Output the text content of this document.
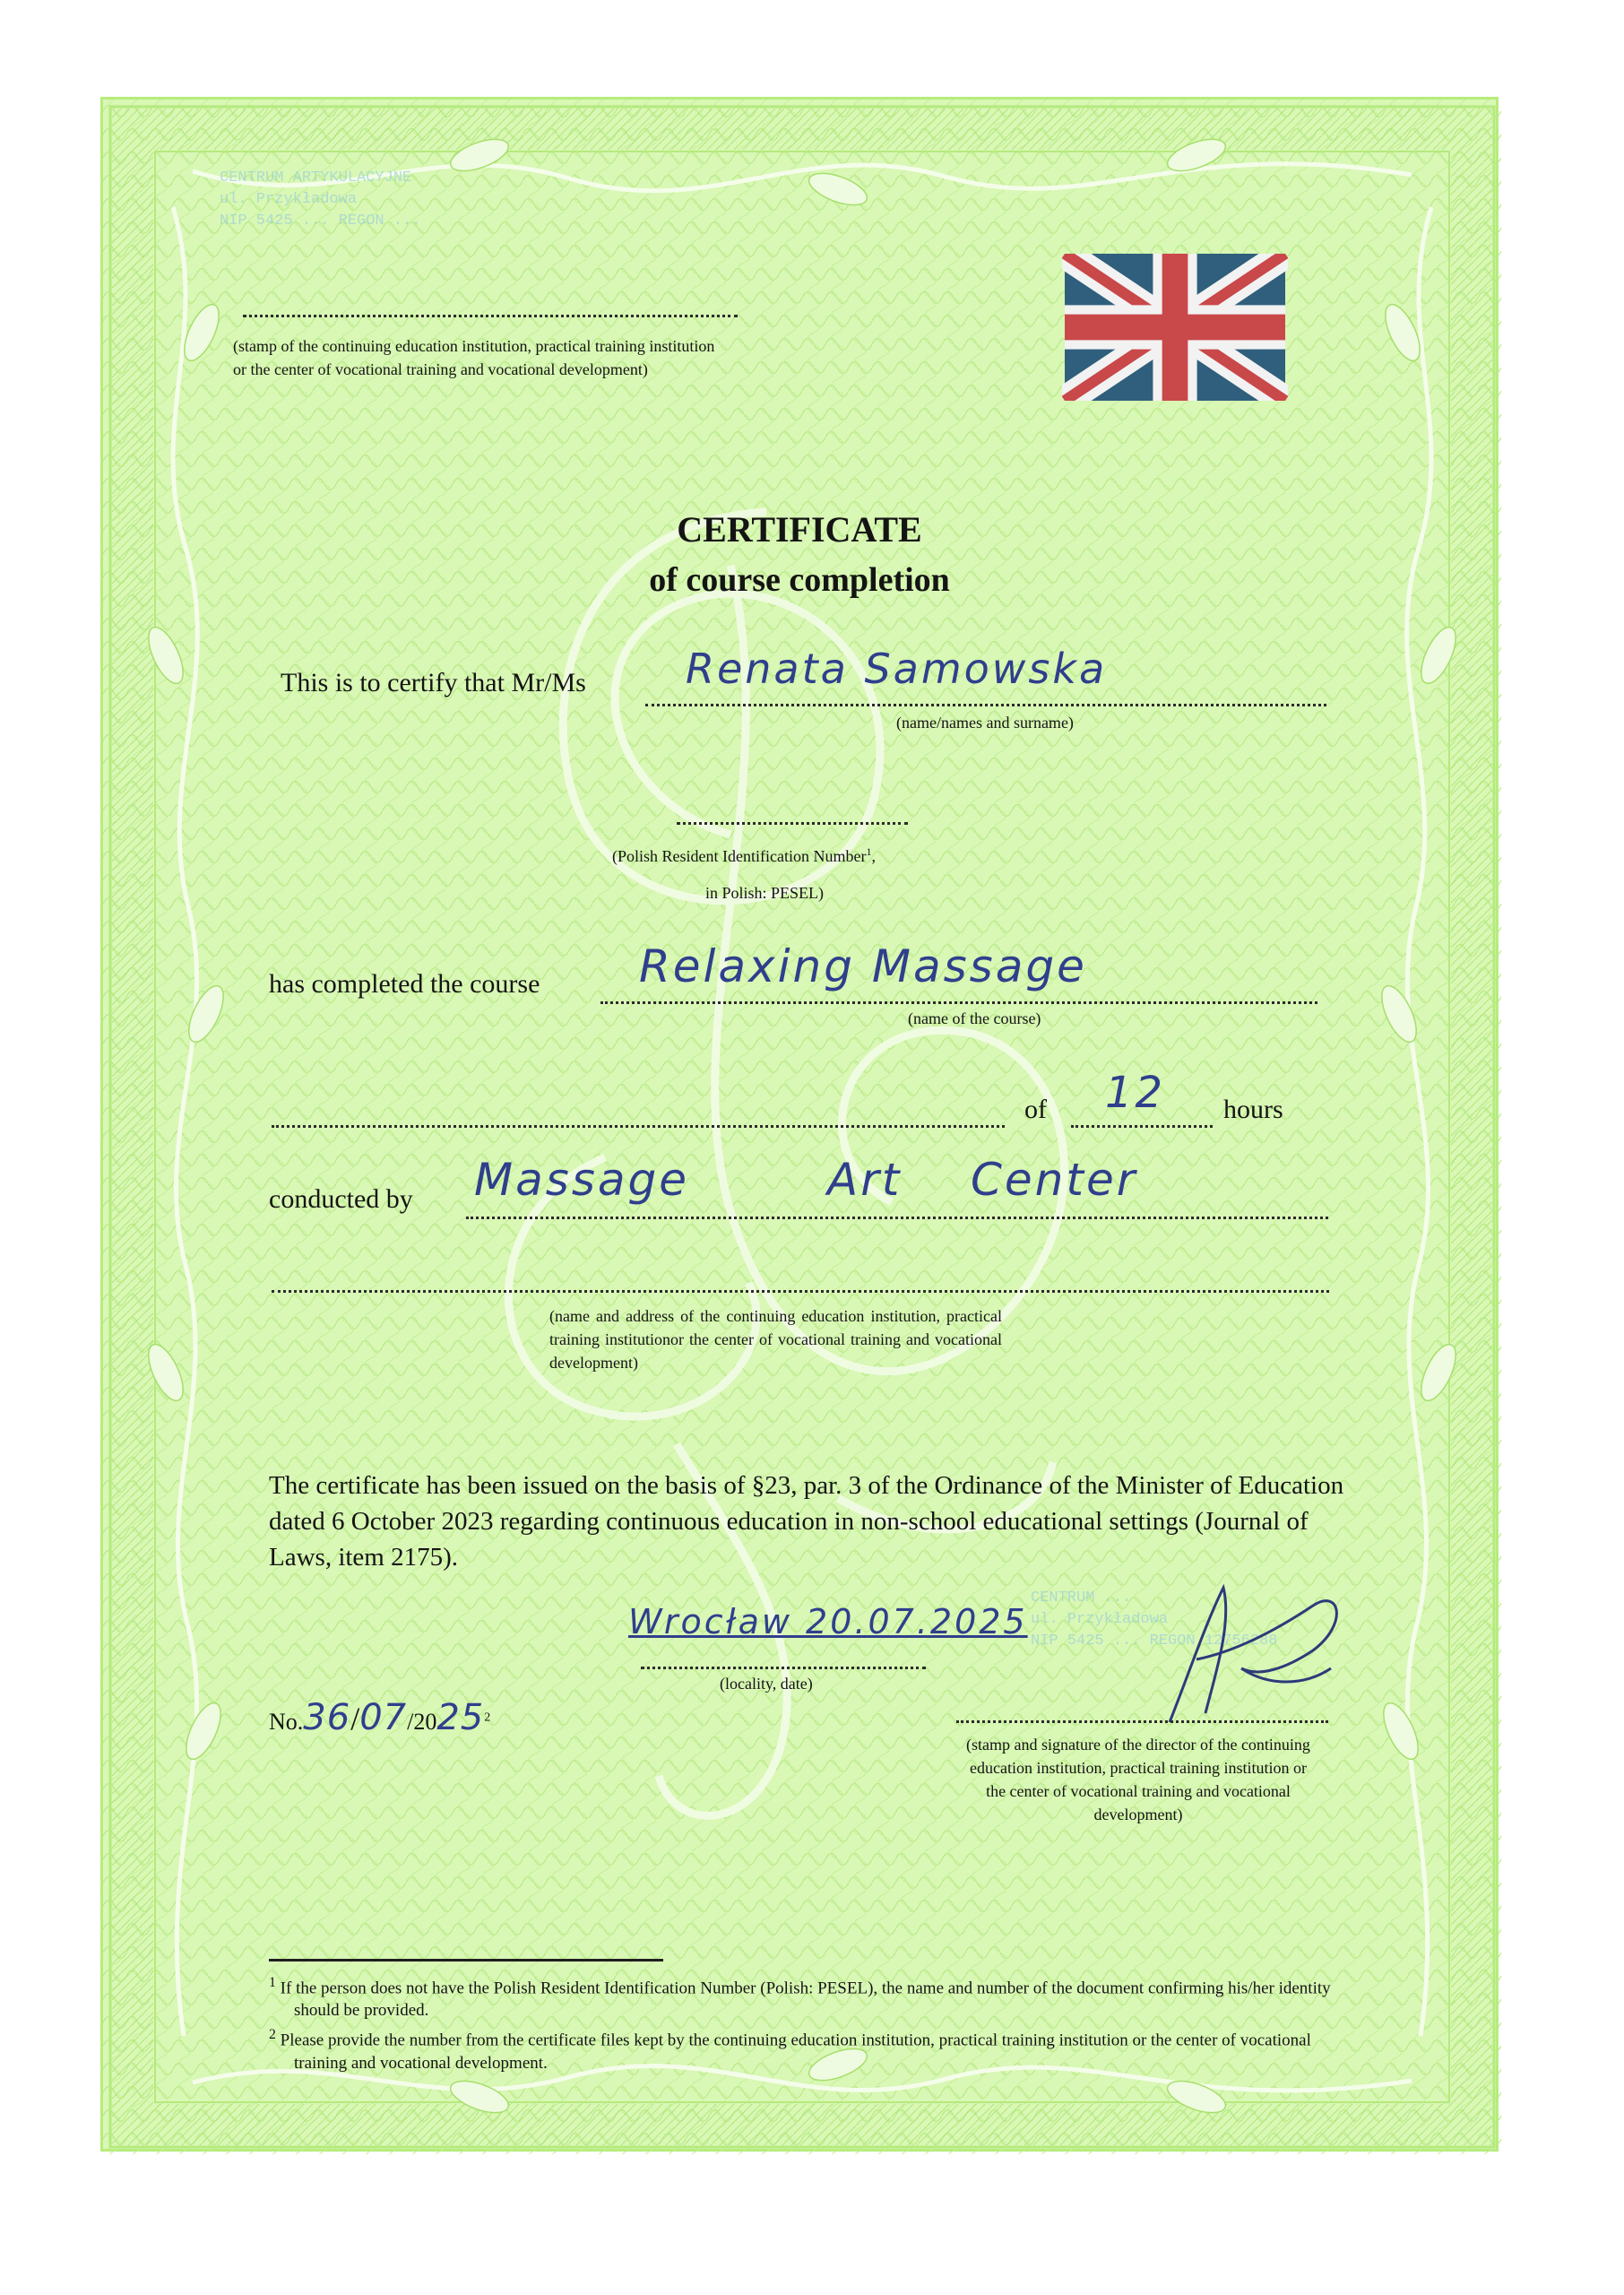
CENTRUM ARTYKULACYJNE
ul. Przykładowa
NIP 5425 ... REGON ...
(stamp of the continuing education institution, practical training institution
or the center of vocational training and vocational development)
CERTIFICATE
of course completion
This is to certify that Mr/Ms Renata Samowska
(name/names and surname)
(Polish Resident Identification Number$^1$,
in Polish: PESEL)
has completed the course Relaxing Massage
(name of the course)
of 12 hours
conducted by Massage	Art Center
(name and address of the continuing education institution, practical training institutionor the center of vocational training and vocational development)
The certificate has been issued on the basis of §23, par. 3 of the Ordinance of the Minister of Education dated 6 October 2023 regarding continuous education in non-school educational settings (Journal of Laws, item 2175).
Wrocław 20.07.2025
(locality, date)
No.36/07/2025$^2$
CENTRUM ...
ul. Przykładowa
NIP 5425 ... REGON 12756288
(stamp and signature of the director of the continuing education institution, practical training institution or the center of vocational training and vocational development)
$^1$ If the person does not have the Polish Resident Identification Number (Polish: PESEL), the name and number of the document confirming his/her identity should be provided.
$^2$ Please provide the number from the certificate files kept by the continuing education institution, practical training institution or the center of vocational training and vocational development.
